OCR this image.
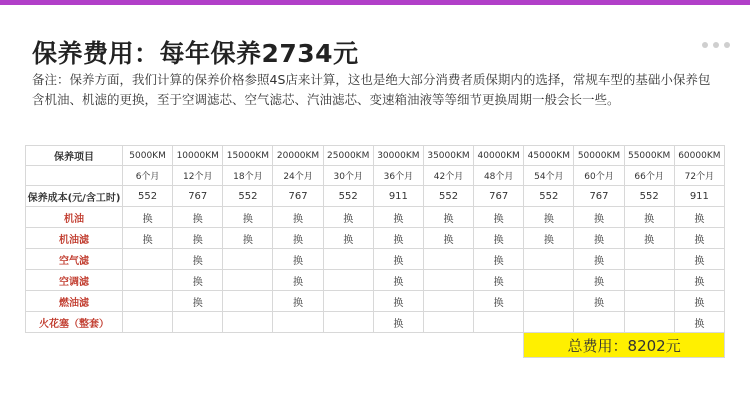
保养费用：每年保养2734元
备注：保养方面，我们计算的保养价格参照4S店来计算，这也是绝大部分消费者质保期内的选择，常规车型的基础小保养包含机油、机滤的更换，至于空调滤芯、空气滤芯、汽油滤芯、变速箱油液等等细节更换周期一般会长一些。
保养项目	5000KM	10000KM	15000KM	20000KM	25000KM	30000KM	35000KM	40000KM	45000KM	50000KM	55000KM	60000KM
	6个月	12个月	18个月	24个月	30个月	36个月	42个月	48个月	54个月	60个月	66个月	72个月
保养成本(元/含工时)	552	767	552	767	552	911	552	767	552	767	552	911
机油	换	换	换	换	换	换	换	换	换	换	换	换
机油滤	换	换	换	换	换	换	换	换	换	换	换	换
空气滤		换		换		换		换		换		换
空调滤		换		换		换		换		换		换
燃油滤		换		换		换		换		换		换
火花塞（整套）						换						换
									总费用：8202元			
